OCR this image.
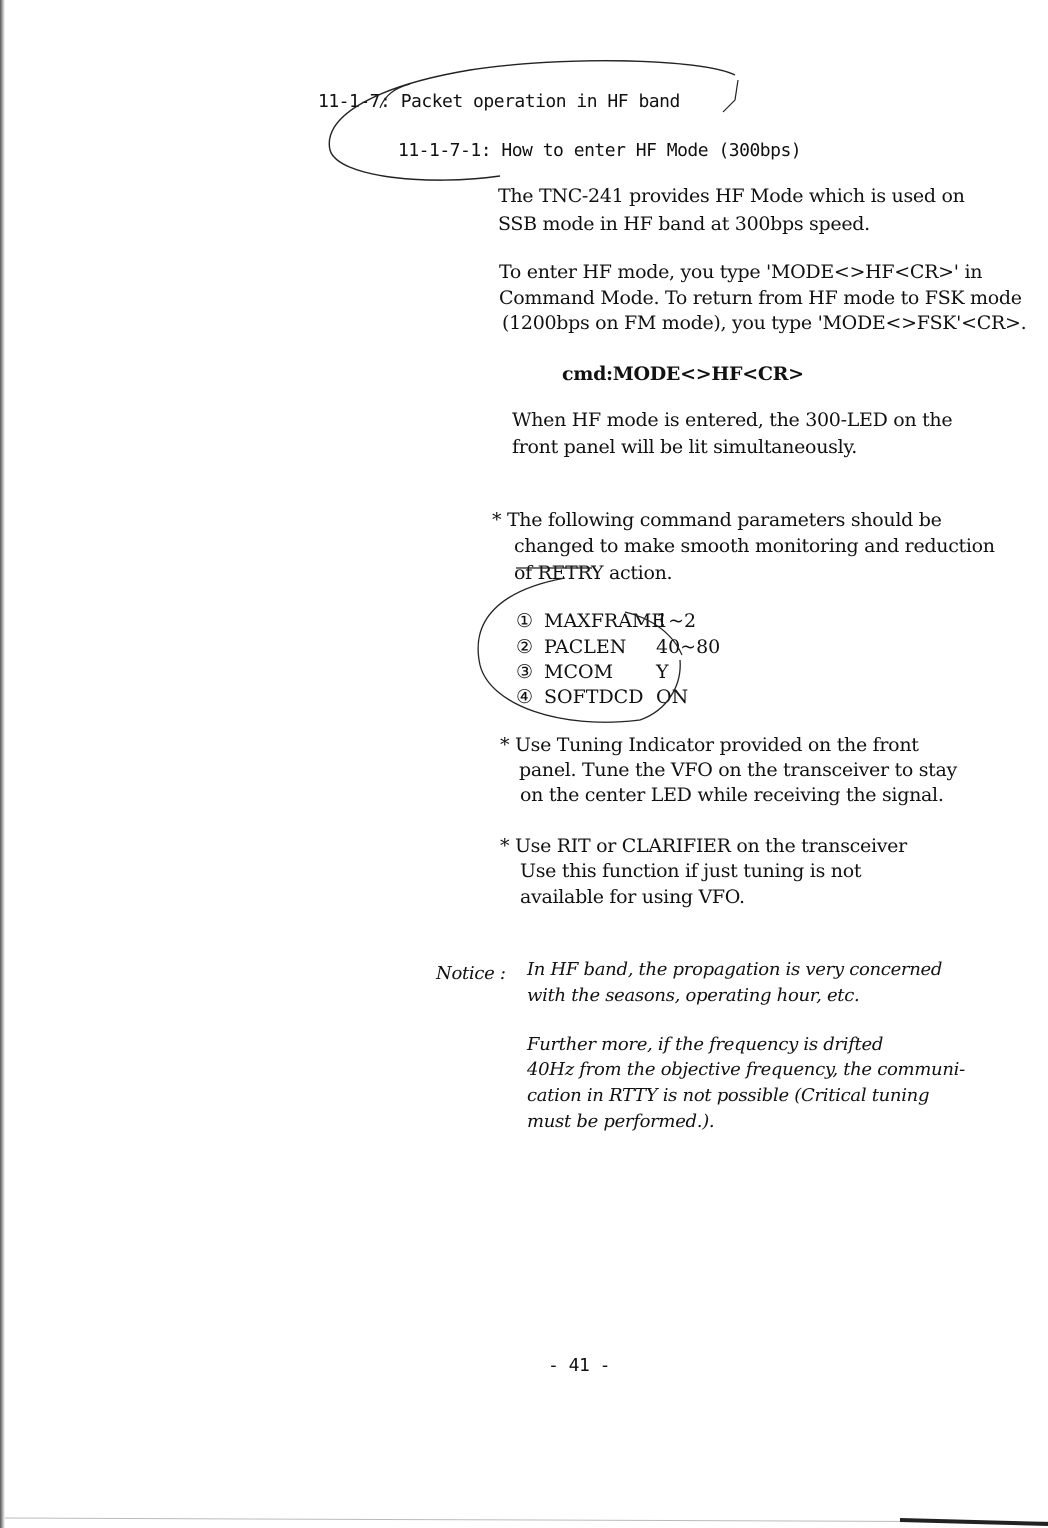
11-1-7: Packet operation in HF band
11-1-7-1: How to enter HF Mode (300bps)
The TNC-241 provides HF Mode which is used on
SSB mode in HF band at 300bps speed.
To enter HF mode, you type 'MODE<>HF<CR>' in
Command Mode. To return from HF mode to FSK mode
(1200bps on FM mode), you type 'MODE<>FSK'<CR>.
cmd:MODE<>HF<CR>
When HF mode is entered, the 300-LED on the
front panel will be lit simultaneously.
* The following command parameters should be
changed to make smooth monitoring and reduction
of RETRY action.
① MAXFRAME1~2
② PACLEN 40~80
③ MCOM Y
④ SOFTDCD ON
* Use Tuning Indicator provided on the front
panel. Tune the VFO on the transceiver to stay
on the center LED while receiving the signal.
* Use RIT or CLARIFIER on the transceiver
Use this function if just tuning is not
available for using VFO.
Notice : In HF band, the propagation is very concerned
with the seasons, operating hour, etc.
Further more, if the frequency is drifted
40Hz from the objective frequency, the communi-
cation in RTTY is not possible (Critical tuning
must be performed.).
- 41 -
